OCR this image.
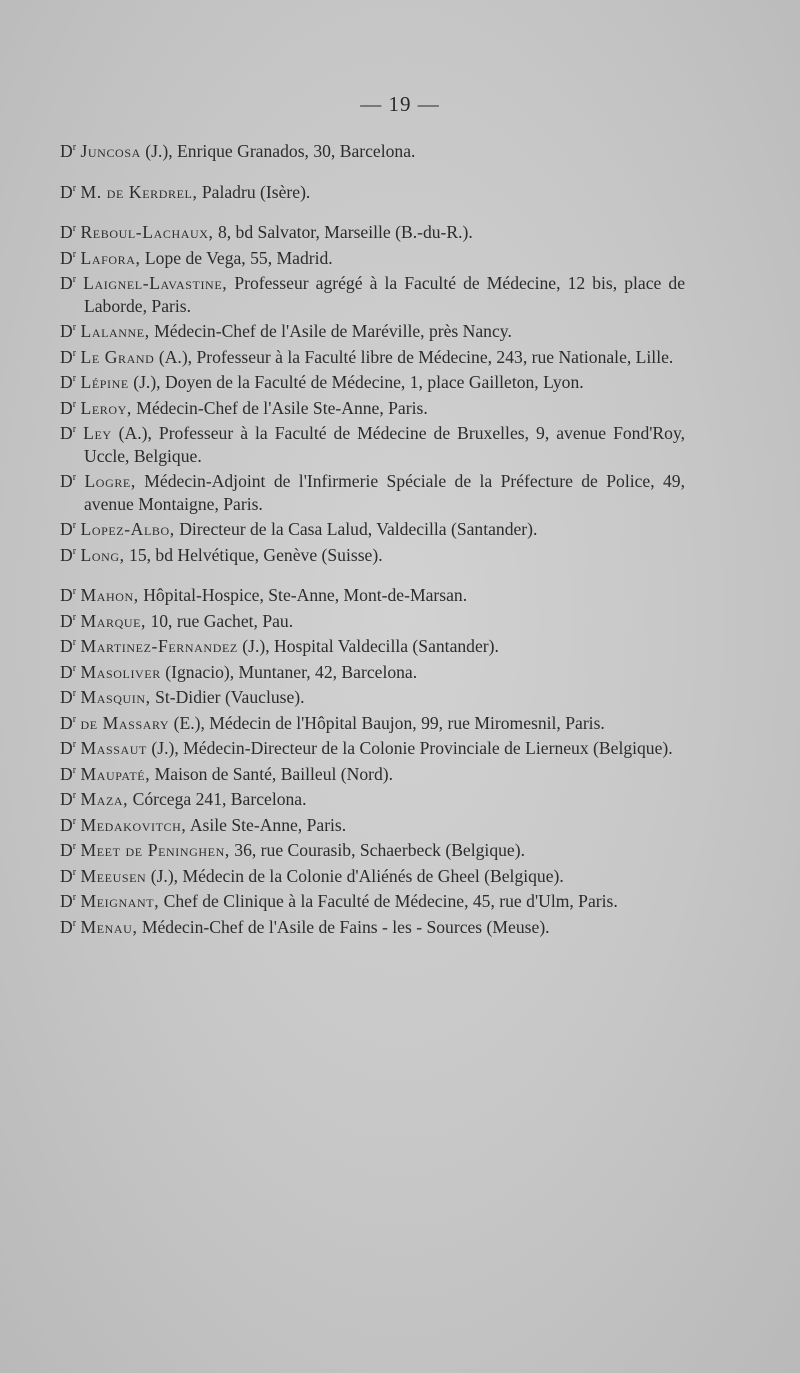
— 19 —

$D^r$ Juncosa (J.), Enrique Granados, 30, Barcelona.

$D^r$ M. de Kerdrel, Paladru (Isère).

$D^r$ Reboul-Lachaux, 8, bd Salvator, Marseille (B.-du-R.).

$D^r$ Lafora, Lope de Vega, 55, Madrid.

$D^r$ Laignel-Lavastine, Professeur agrégé à la Faculté de Médecine, 12 bis, place de Laborde, Paris.

$D^r$ Lalanne, Médecin-Chef de l'Asile de Maréville, près Nancy.

$D^r$ Le Grand (A.), Professeur à la Faculté libre de Médecine, 243, rue Nationale, Lille.

$D^r$ Lépine (J.), Doyen de la Faculté de Médecine, 1, place Gailleton, Lyon.

$D^r$ Leroy, Médecin-Chef de l'Asile Ste-Anne, Paris.

$D^r$ Ley (A.), Professeur à la Faculté de Médecine de Bruxelles, 9, avenue Fond'Roy, Uccle, Belgique.

$D^r$ Logre, Médecin-Adjoint de l'Infirmerie Spéciale de la Préfecture de Police, 49, avenue Montaigne, Paris.

$D^r$ Lopez-Albo, Directeur de la Casa Lalud, Valdecilla (Santander).

$D^r$ Long, 15, bd Helvétique, Genève (Suisse).

$D^r$ Mahon, Hôpital-Hospice, Ste-Anne, Mont-de-Marsan.

$D^r$ Marque, 10, rue Gachet, Pau.

$D^r$ Martinez-Fernandez (J.), Hospital Valdecilla (Santander).

$D^r$ Masoliver (Ignacio), Muntaner, 42, Barcelona.

$D^r$ Masquin, St-Didier (Vaucluse).

$D^r$ de Massary (E.), Médecin de l'Hôpital Baujon, 99, rue Miromesnil, Paris.

$D^r$ Massaut (J.), Médecin-Directeur de la Colonie Provinciale de Lierneux (Belgique).

$D^r$ Maupaté, Maison de Santé, Bailleul (Nord).

$D^r$ Maza, Córcega 241, Barcelona.

$D^r$ Medakovitch, Asile Ste-Anne, Paris.

$D^r$ Meet de Peninghen, 36, rue Courasib, Schaerbeck (Belgique).

$D^r$ Meeusen (J.), Médecin de la Colonie d'Aliénés de Gheel (Belgique).

$D^r$ Meignant, Chef de Clinique à la Faculté de Médecine, 45, rue d'Ulm, Paris.

$D^r$ Menau, Médecin-Chef de l'Asile de Fains - les - Sources (Meuse).
